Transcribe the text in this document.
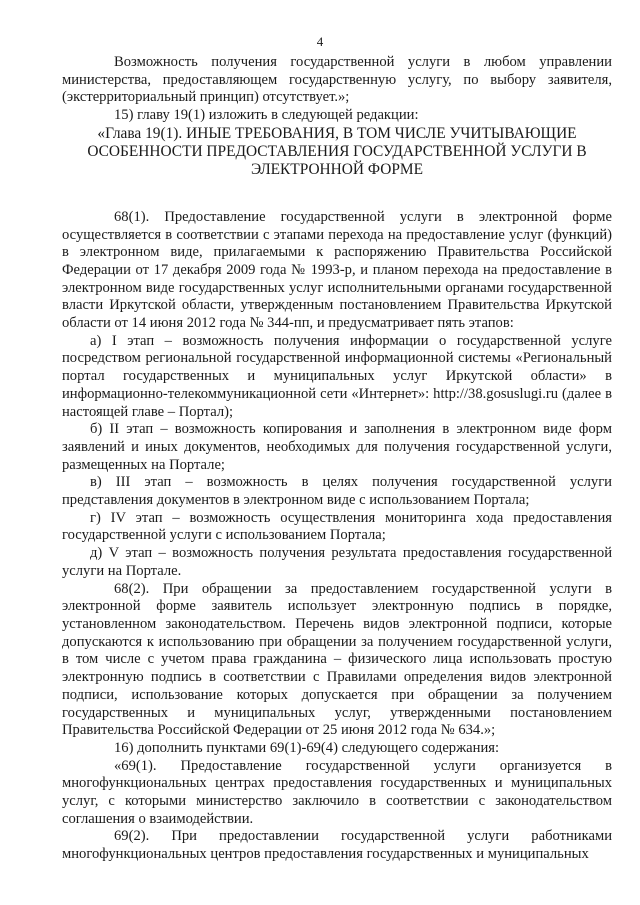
4

Возможность получения государственной услуги в любом управлении министерства, предоставляющем государственную услугу, по выбору заявителя, (экстерриториальный принцип) отсутствует.»;

15) главу 19(1) изложить в следующей редакции:

«Глава 19(1). ИНЫЕ ТРЕБОВАНИЯ, В ТОМ ЧИСЛЕ УЧИТЫВАЮЩИЕ
ОСОБЕННОСТИ ПРЕДОСТАВЛЕНИЯ ГОСУДАРСТВЕННОЙ УСЛУГИ В
ЭЛЕКТРОННОЙ ФОРМЕ

68(1). Предоставление государственной услуги в электронной форме осуществляется в соответствии с этапами перехода на предоставление услуг (функций) в электронном виде, прилагаемыми к распоряжению Правительства Российской Федерации от 17 декабря 2009 года № 1993-р, и планом перехода на предоставление в электронном виде государственных услуг исполнительными органами государственной власти Иркутской области, утвержденным постановлением Правительства Иркутской области от 14 июня 2012 года № 344-пп, и предусматривает пять этапов:

а) I этап – возможность получения информации о государственной услуге посредством региональной государственной информационной системы «Региональный портал государственных и муниципальных услуг Иркутской области» в информационно-телекоммуникационной сети «Интернет»: http://38.gosuslugi.ru (далее в настоящей главе – Портал);

б) II этап – возможность копирования и заполнения в электронном виде форм заявлений и иных документов, необходимых для получения государственной услуги, размещенных на Портале;

в) III этап – возможность в целях получения государственной услуги представления документов в электронном виде с использованием Портала;

г) IV этап – возможность осуществления мониторинга хода предоставления государственной услуги с использованием Портала;

д) V этап – возможность получения результата предоставления государственной услуги на Портале.

68(2). При обращении за предоставлением государственной услуги в электронной форме заявитель использует электронную подпись в порядке, установленном законодательством. Перечень видов электронной подписи, которые допускаются к использованию при обращении за получением государственной услуги, в том числе с учетом права гражданина – физического лица использовать простую электронную подпись в соответствии с Правилами определения видов электронной подписи, использование которых допускается при обращении за получением государственных и муниципальных услуг, утвержденными постановлением Правительства Российской Федерации от 25 июня 2012 года № 634.»;

16) дополнить пунктами 69(1)-69(4) следующего содержания:

«69(1). Предоставление государственной услуги организуется в многофункциональных центрах предоставления государственных и муниципальных услуг, с которыми министерство заключило в соответствии с законодательством соглашения о взаимодействии.

69(2). При предоставлении государственной услуги работниками многофункциональных центров предоставления государственных и муниципальных
